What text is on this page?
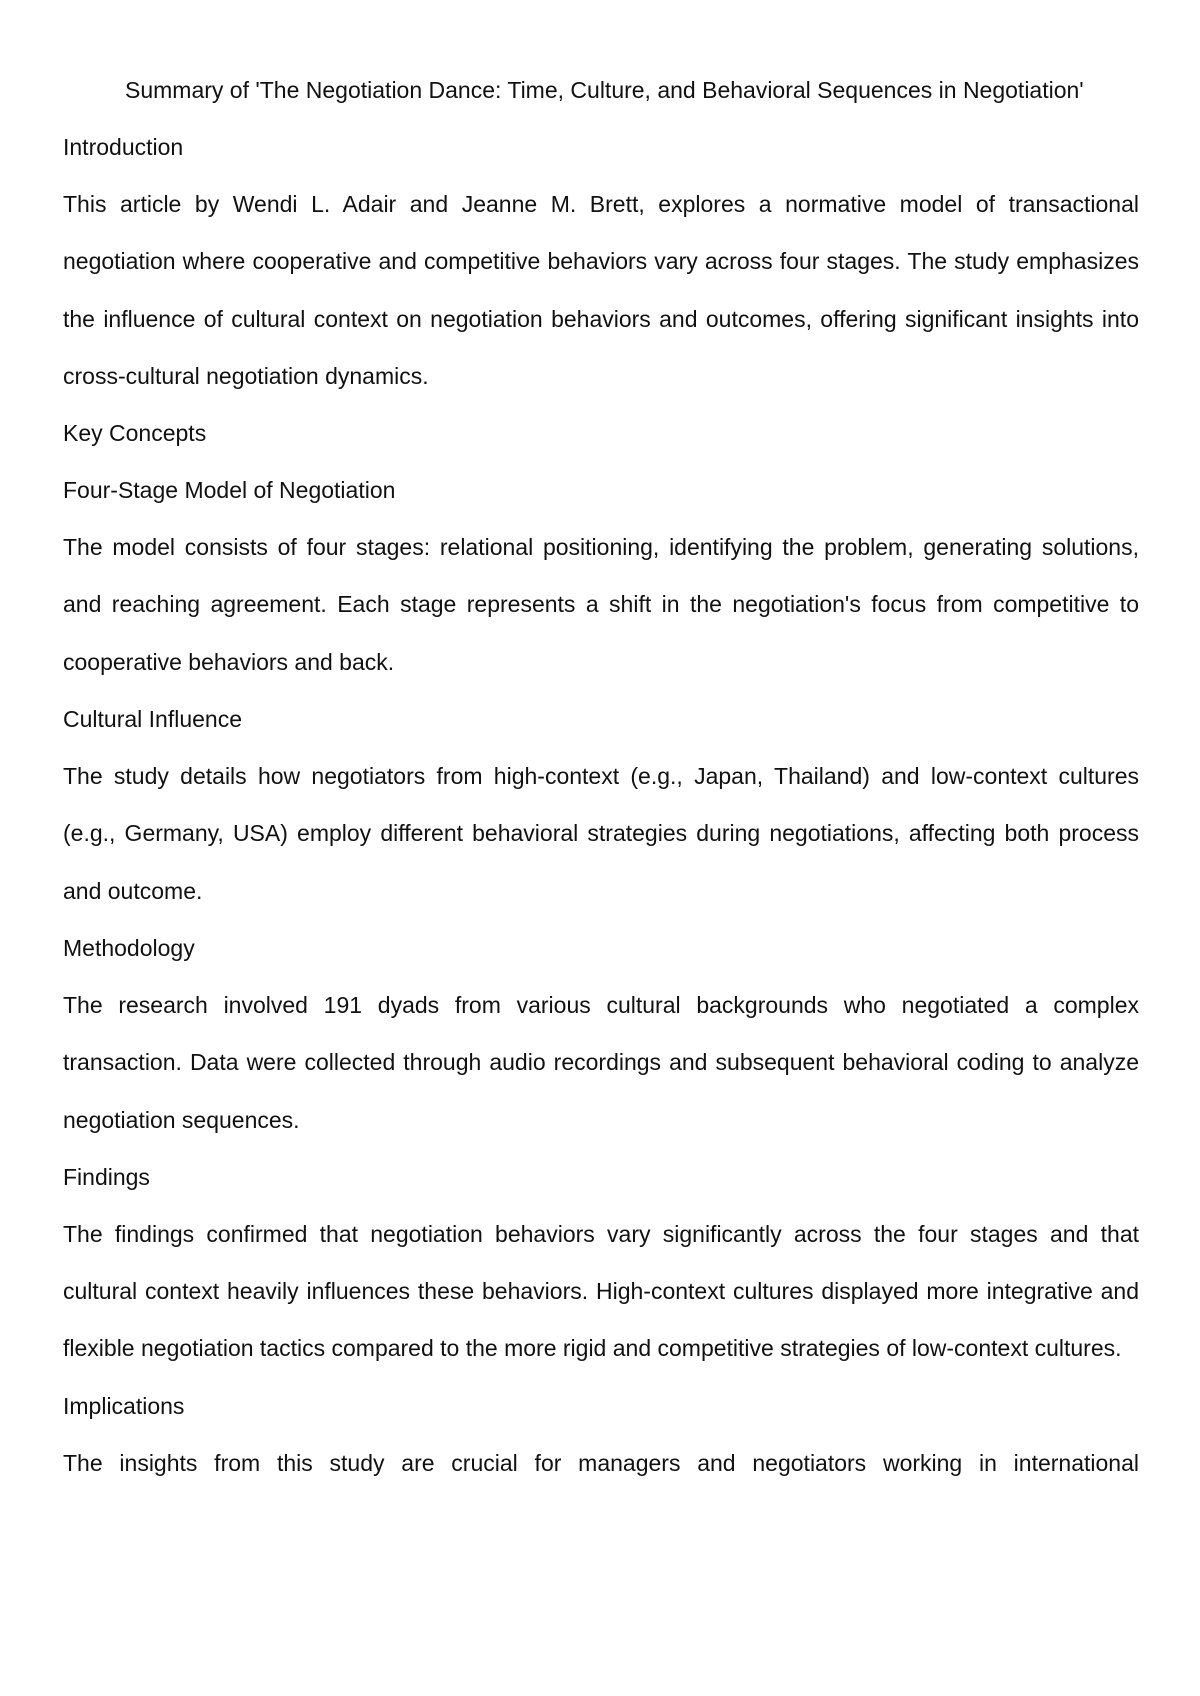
Summary of 'The Negotiation Dance: Time, Culture, and Behavioral Sequences in Negotiation'

Introduction

This article by Wendi L. Adair and Jeanne M. Brett, explores a normative model of transactional negotiation where cooperative and competitive behaviors vary across four stages. The study emphasizes the influence of cultural context on negotiation behaviors and outcomes, offering significant insights into cross-cultural negotiation dynamics.

Key Concepts

Four-Stage Model of Negotiation

The model consists of four stages: relational positioning, identifying the problem, generating solutions, and reaching agreement. Each stage represents a shift in the negotiation's focus from competitive to cooperative behaviors and back.

Cultural Influence

The study details how negotiators from high-context (e.g., Japan, Thailand) and low-context cultures (e.g., Germany, USA) employ different behavioral strategies during negotiations, affecting both process and outcome.

Methodology

The research involved 191 dyads from various cultural backgrounds who negotiated a complex transaction. Data were collected through audio recordings and subsequent behavioral coding to analyze negotiation sequences.

Findings

The findings confirmed that negotiation behaviors vary significantly across the four stages and that cultural context heavily influences these behaviors. High-context cultures displayed more integrative and flexible negotiation tactics compared to the more rigid and competitive strategies of low-context cultures.

Implications

The insights from this study are crucial for managers and negotiators working in international
